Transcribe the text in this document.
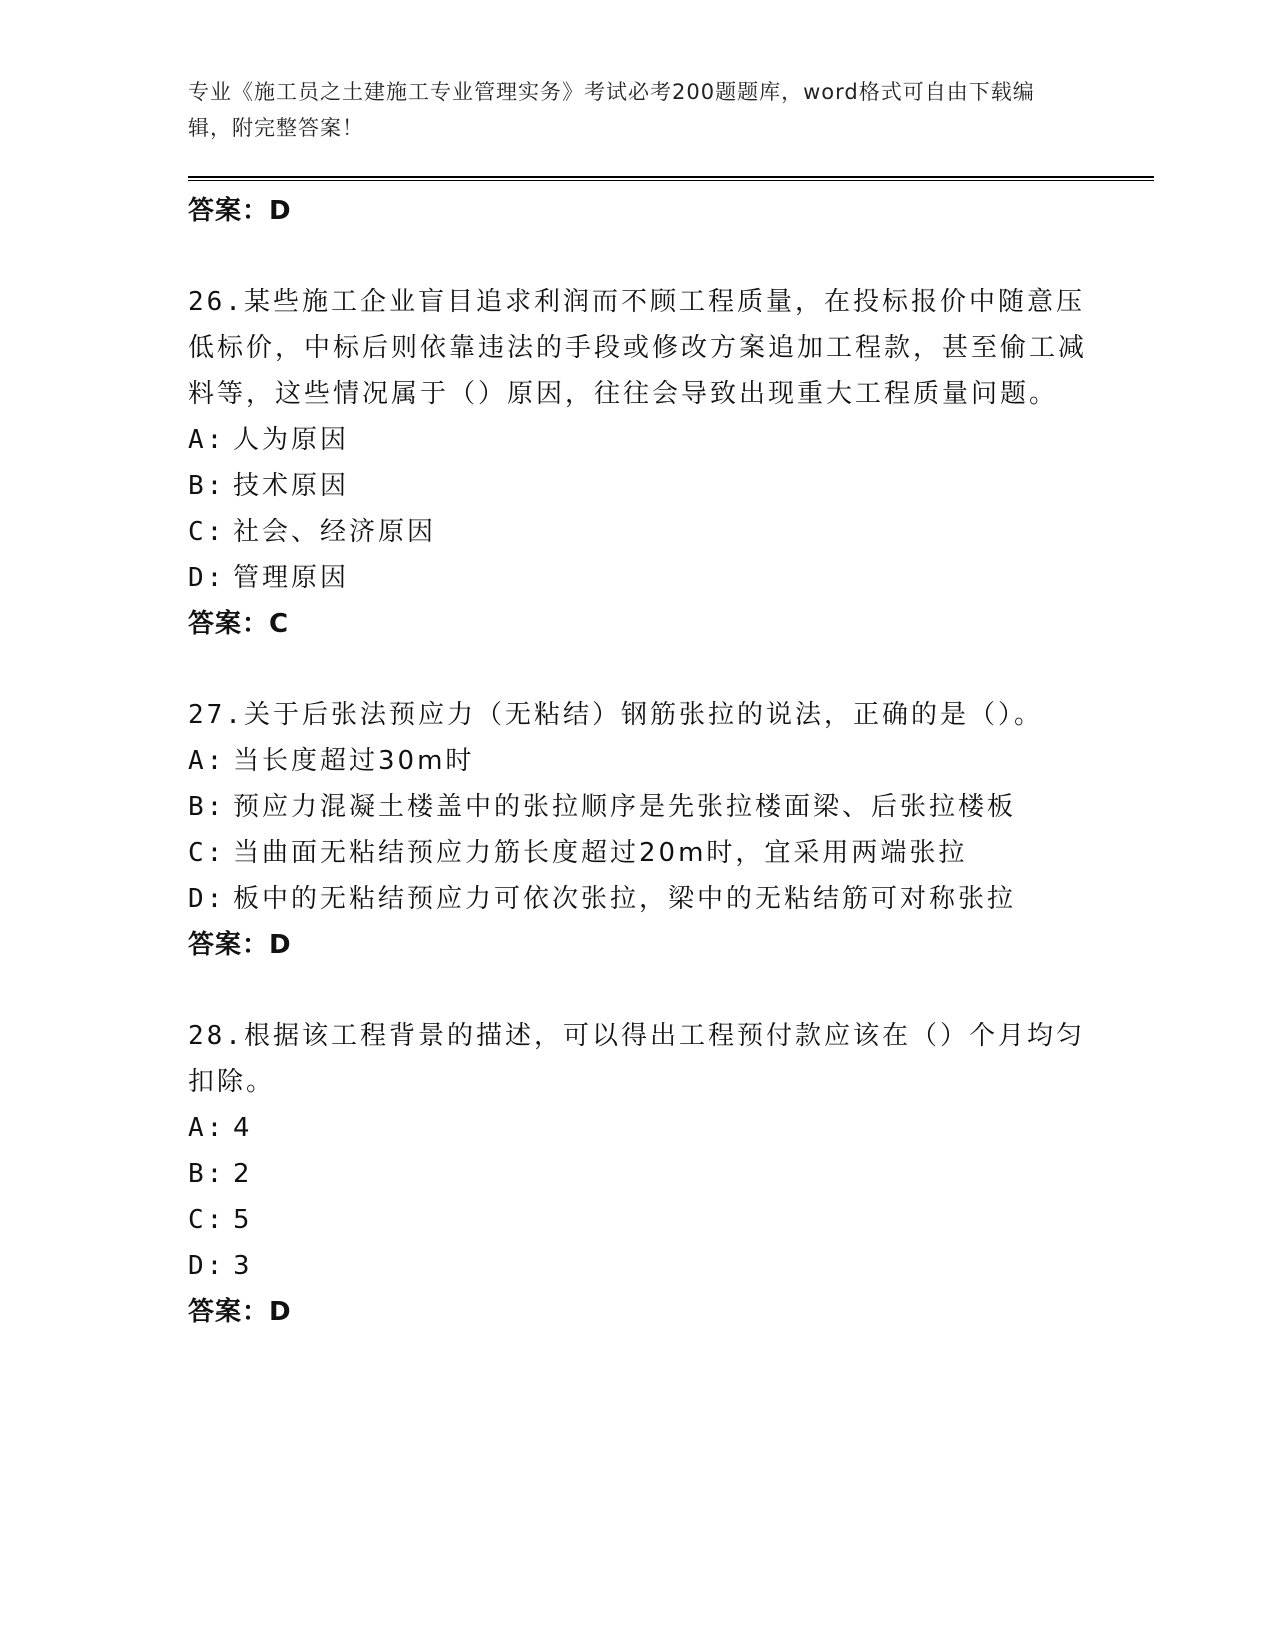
专业《施工员之土建施工专业管理实务》考试必考200题题库，word格式可自由下载编辑，附完整答案！
答案：D
26.某些施工企业盲目追求利润而不顾工程质量，在投标报价中随意压低标价，中标后则依靠违法的手段或修改方案追加工程款，甚至偷工减料等，这些情况属于（）原因，往往会导致出现重大工程质量问题。
A: 人为原因
B: 技术原因
C: 社会、经济原因
D: 管理原因
答案：C
27.关于后张法预应力（无粘结）钢筋张拉的说法，正确的是（）。
A: 当长度超过30m时
B: 预应力混凝土楼盖中的张拉顺序是先张拉楼面梁、后张拉楼板
C: 当曲面无粘结预应力筋长度超过20m时，宜采用两端张拉
D: 板中的无粘结预应力可依次张拉，梁中的无粘结筋可对称张拉
答案：D
28.根据该工程背景的描述，可以得出工程预付款应该在（）个月均匀扣除。
A: 4
B: 2
C: 5
D: 3
答案：D
